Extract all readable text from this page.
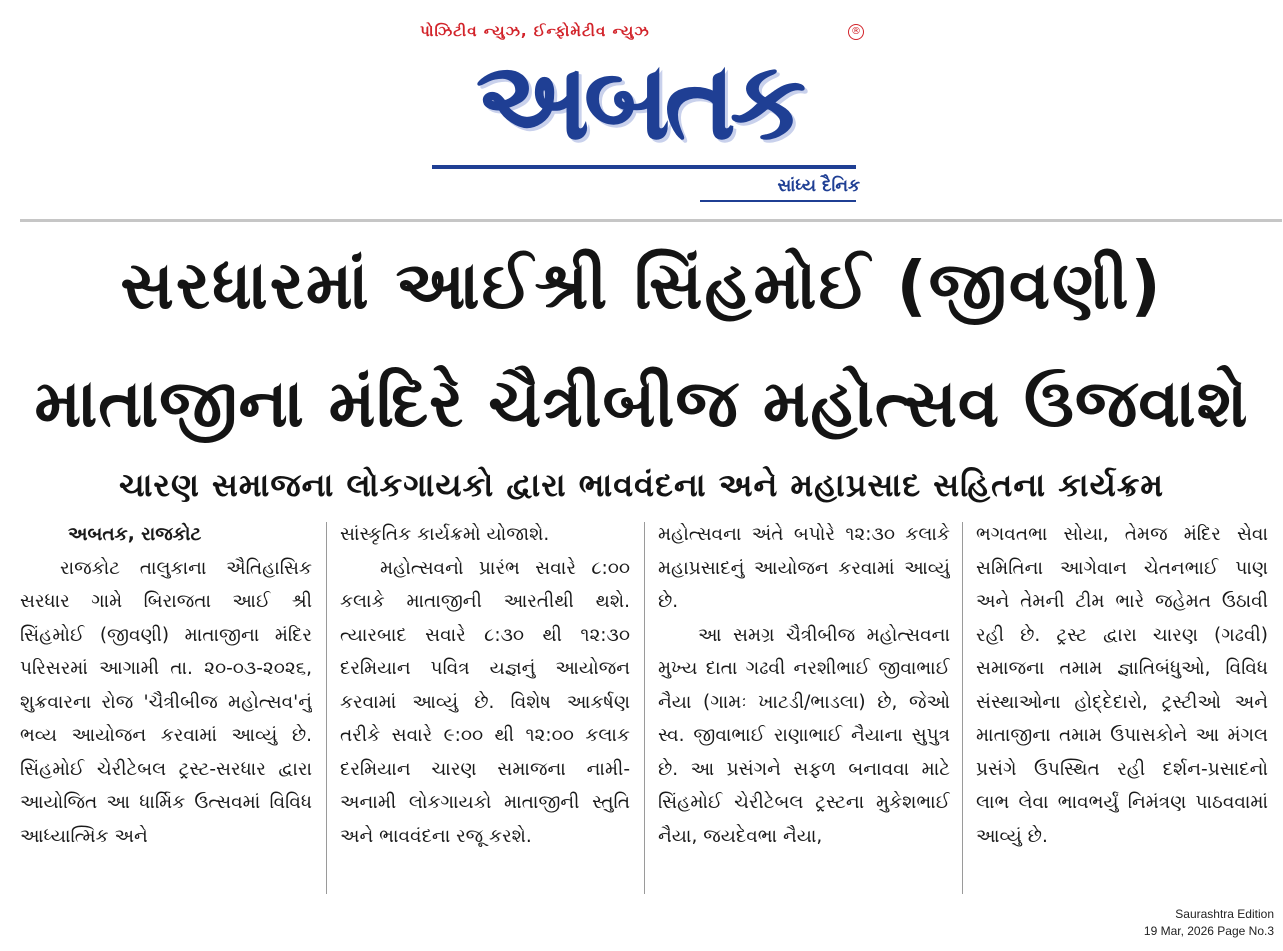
પોઝિટીવ ન્યુઝ, ઈન્ફોમેટીવ ન્યુઝ	®
અબતક
સાંધ્ય દૈનિક
સરધારમાં આઈશ્રી સિંહમોઈ (જીવણી)
માતાજીના મંદિરે ચૈત્રીબીજ મહોત્સવ ઉજવાશે
ચારણ સમાજના લોકગાયકો દ્વારા ભાવવંદના અને મહાપ્રસાદ સહિતના કાર્યક્રમ

અબતક, રાજકોટ

રાજકોટ તાલુકાના ઐતિહાસિક સરધાર ગામે બિરાજતા આઈ શ્રી સિંહમોઈ (જીવણી) માતાજીના મંદિર પરિસરમાં આગામી તા. ૨૦-૦૩-૨૦૨૬, શુક્રવારના રોજ 'ચૈત્રીબીજ મહોત્સવ'નું ભવ્ય આયોજન કરવામાં આવ્યું છે. સિંહમોઈ ચેરીટેબલ ટ્રસ્ટ-સરધાર દ્વારા આયોજિત આ ધાર્મિક ઉત્સવમાં વિવિધ આધ્યાત્મિક અને

સાંસ્કૃતિક કાર્યક્રમો યોજાશે.

મહોત્સવનો પ્રારંભ સવારે ૮:૦૦ કલાકે માતાજીની આરતીથી થશે. ત્યારબાદ સવારે ૮:૩૦ થી ૧૨:૩૦ દરમિયાન પવિત્ર યજ્ઞનું આયોજન કરવામાં આવ્યું છે. વિશેષ આકર્ષણ તરીકે સવારે ૯:૦૦ થી ૧૨:૦૦ કલાક દરમિયાન ચારણ સમાજના નામી-અનામી લોકગાયકો માતાજીની સ્તુતિ અને ભાવવંદના રજૂ કરશે.

મહોત્સવના અંતે બપોરે ૧૨:૩૦ કલાકે મહાપ્રસાદનું આયોજન કરવામાં આવ્યું છે.

આ સમગ્ર ચૈત્રીબીજ મહોત્સવના મુખ્ય દાતા ગઢવી નરશીભાઈ જીવાભાઈ નૈયા (ગામઃ ખાટડી/ભાડલા) છે, જેઓ સ્વ. જીવાભાઈ રાણાભાઈ નૈયાના સુપુત્ર છે. આ પ્રસંગને સફળ બનાવવા માટે સિંહમોઈ ચેરીટેબલ ટ્રસ્ટના મુકેશભાઈ નૈયા, જયદેવભા નૈયા,

ભગવતભા સોયા, તેમજ મંદિર સેવા સમિતિના આગેવાન ચેતનભાઈ પાણ અને તેમની ટીમ ભારે જહેમત ઉઠાવી રહી છે. ટ્રસ્ટ દ્વારા ચારણ (ગઢવી) સમાજના તમામ જ્ઞાતિબંધુઓ, વિવિધ સંસ્થાઓના હોદ્દેદારો, ટ્રસ્ટીઓ અને માતાજીના તમામ ઉપાસકોને આ મંગલ પ્રસંગે ઉપસ્થિત રહી દર્શન-પ્રસાદનો લાભ લેવા ભાવભર્યું નિમંત્રણ પાઠવવામાં આવ્યું છે.

Saurashtra Edition
19 Mar, 2026 Page No.3
